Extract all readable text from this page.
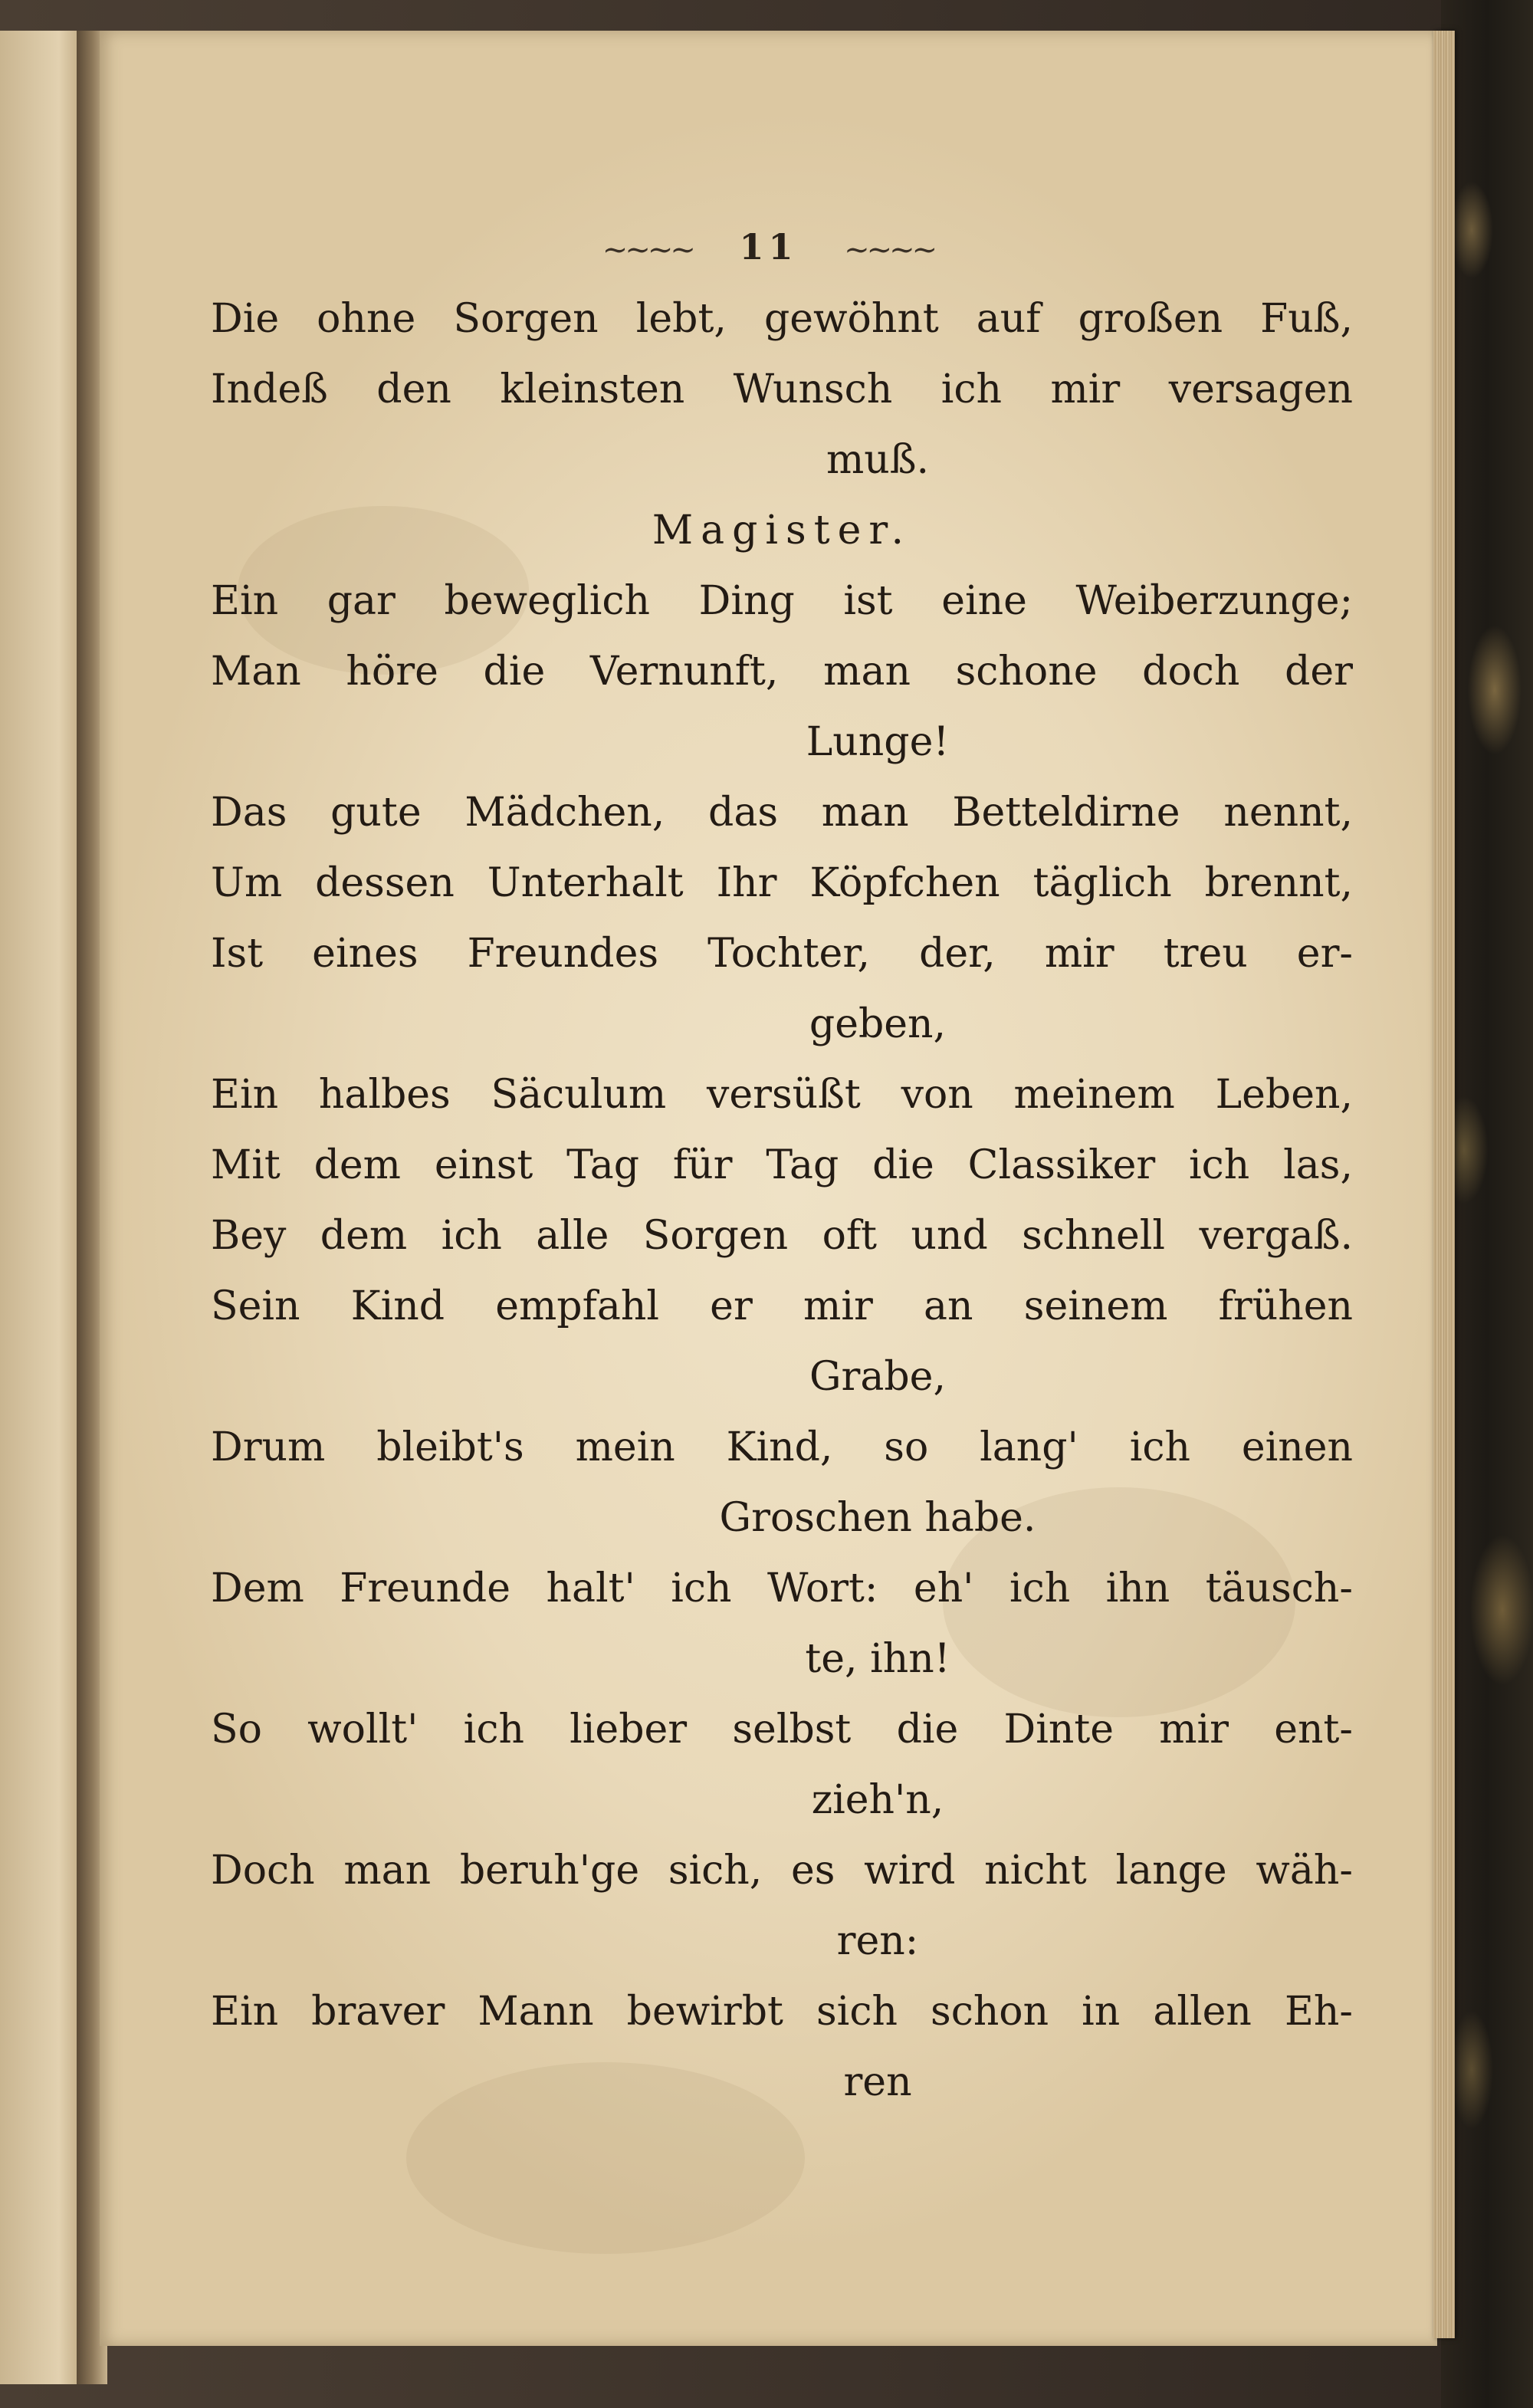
~~~~ 11 ~~~~
Die ohne Sorgen lebt, gewöhnt auf großen Fuß,
Indeß den kleinsten Wunsch ich mir versagen
muß.
Magister.
Ein gar beweglich Ding ist eine Weiberzunge;
Man höre die Vernunft, man schone doch der
Lunge!
Das gute Mädchen, das man Betteldirne nennt,
Um dessen Unterhalt Ihr Köpfchen täglich brennt,
Ist eines Freundes Tochter, der, mir treu er-
geben,
Ein halbes Säculum versüßt von meinem Leben,
Mit dem einst Tag für Tag die Classiker ich las,
Bey dem ich alle Sorgen oft und schnell vergaß.
Sein Kind empfahl er mir an seinem frühen
Grabe,
Drum bleibt's mein Kind, so lang' ich einen
Groschen habe.
Dem Freunde halt' ich Wort: eh' ich ihn täusch-
te, ihn!
So wollt' ich lieber selbst die Dinte mir ent-
zieh'n,
Doch man beruh'ge sich, es wird nicht lange wäh-
ren:
Ein braver Mann bewirbt sich schon in allen Eh-
ren
